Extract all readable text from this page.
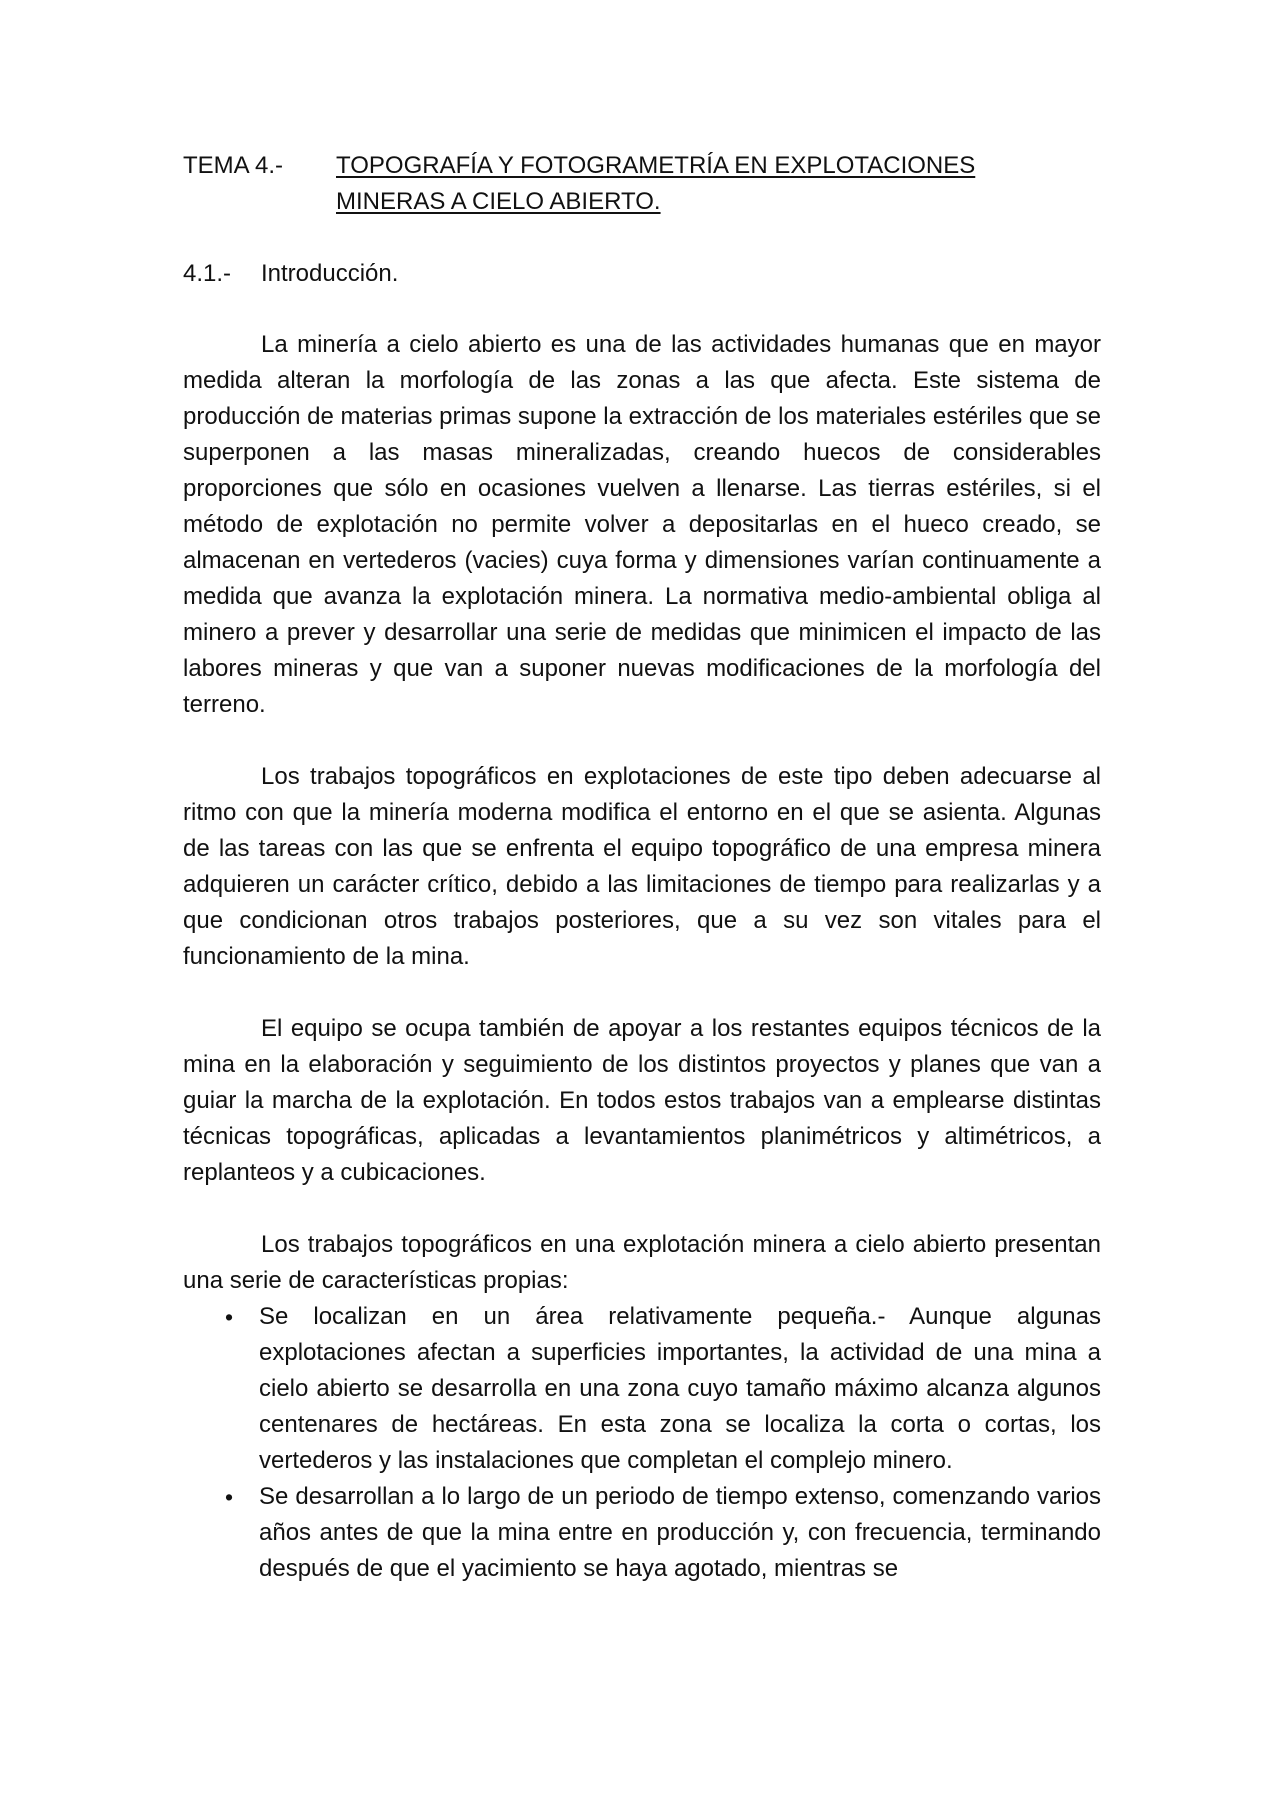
TEMA 4.-	TOPOGRAFÍA Y FOTOGRAMETRÍA EN EXPLOTACIONES
MINERAS A CIELO ABIERTO.
4.1.-	Introducción.

La minería a cielo abierto es una de las actividades humanas que en mayor medida alteran la morfología de las zonas a las que afecta. Este sistema de producción de materias primas supone la extracción de los materiales estériles que se superponen a las masas mineralizadas, creando huecos de considerables proporciones que sólo en ocasiones vuelven a llenarse. Las tierras estériles, si el método de explotación no permite volver a depositarlas en el hueco creado, se almacenan en vertederos (vacies) cuya forma y dimensiones varían continuamente a medida que avanza la explotación minera. La normativa medio-ambiental obliga al minero a prever y desarrollar una serie de medidas que minimicen el impacto de las labores mineras y que van a suponer nuevas modificaciones de la morfología del terreno.

Los trabajos topográficos en explotaciones de este tipo deben adecuarse al ritmo con que la minería moderna modifica el entorno en el que se asienta. Algunas de las tareas con las que se enfrenta el equipo topográfico de una empresa minera adquieren un carácter crítico, debido a las limitaciones de tiempo para realizarlas y a que condicionan otros trabajos posteriores, que a su vez son vitales para el funcionamiento de la mina.

El equipo se ocupa también de apoyar a los restantes equipos técnicos de la mina en la elaboración y seguimiento de los distintos proyectos y planes que van a guiar la marcha de la explotación. En todos estos trabajos van a emplearse distintas técnicas topográficas, aplicadas a levantamientos planimétricos y altimétricos, a replanteos y a cubicaciones.

Los trabajos topográficos en una explotación minera a cielo abierto presentan una serie de características propias:

• Se localizan en un área relativamente pequeña.- Aunque algunas explotaciones afectan a superficies importantes, la actividad de una mina a cielo abierto se desarrolla en una zona cuyo tamaño máximo alcanza algunos centenares de hectáreas. En esta zona se localiza la corta o cortas, los vertederos y las instalaciones que completan el complejo minero.
• Se desarrollan a lo largo de un periodo de tiempo extenso, comenzando varios años antes de que la mina entre en producción y, con frecuencia, terminando después de que el yacimiento se haya agotado, mientras se
